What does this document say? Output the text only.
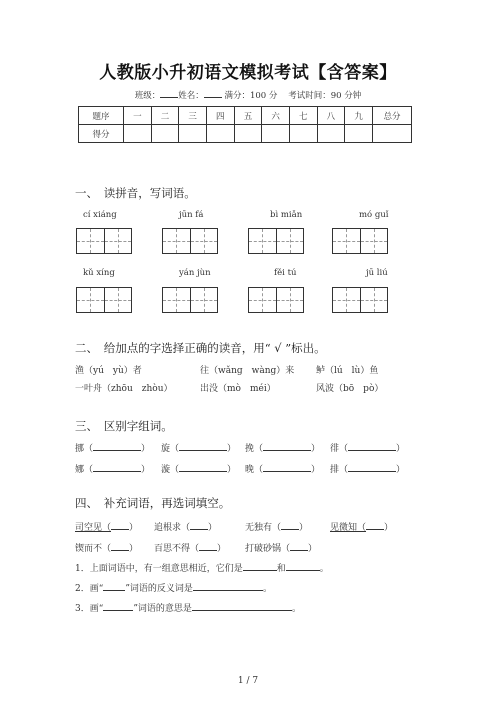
人教版小升初语文模拟考试【含答案】
班级： 姓名： 满分：100 分 考试时间：90 分钟
题序	一	二	三	四	五	六	七	八	九	总分
得分										
一、　读拼音，写词语。
cí xiáng	jūn fá	bì miǎn	mó guǐ
kǔ xíng	yán jùn	fěi tú	jū liú
二、　给加点的字选择正确的读音，用“ √ ”标出。
渔（yú　yù）者	往（wǎng　wàng）来 鲈（lú　lù）鱼
一叶舟（zhōu　zhòu）	出没（mò　méi）	风波（bō　pò）
三、　区别字组词。
挪（	） 旋（	） 挽（	） 徘（	）
娜（	） 漩（	） 晚（	） 排（	）
四、　补充词语，再选词填空。
司空见（ ） 追根求（ ）	无独有（ ） 见微知（ ）
锲而不（ ） 百思不得（ ） 打破砂锅（ ）
1．上面词语中，有一组意思相近，它们是	和	。
2．画“ ”词语的反义词是	。
3．画“	”词语的意思是	。
1 / 7
